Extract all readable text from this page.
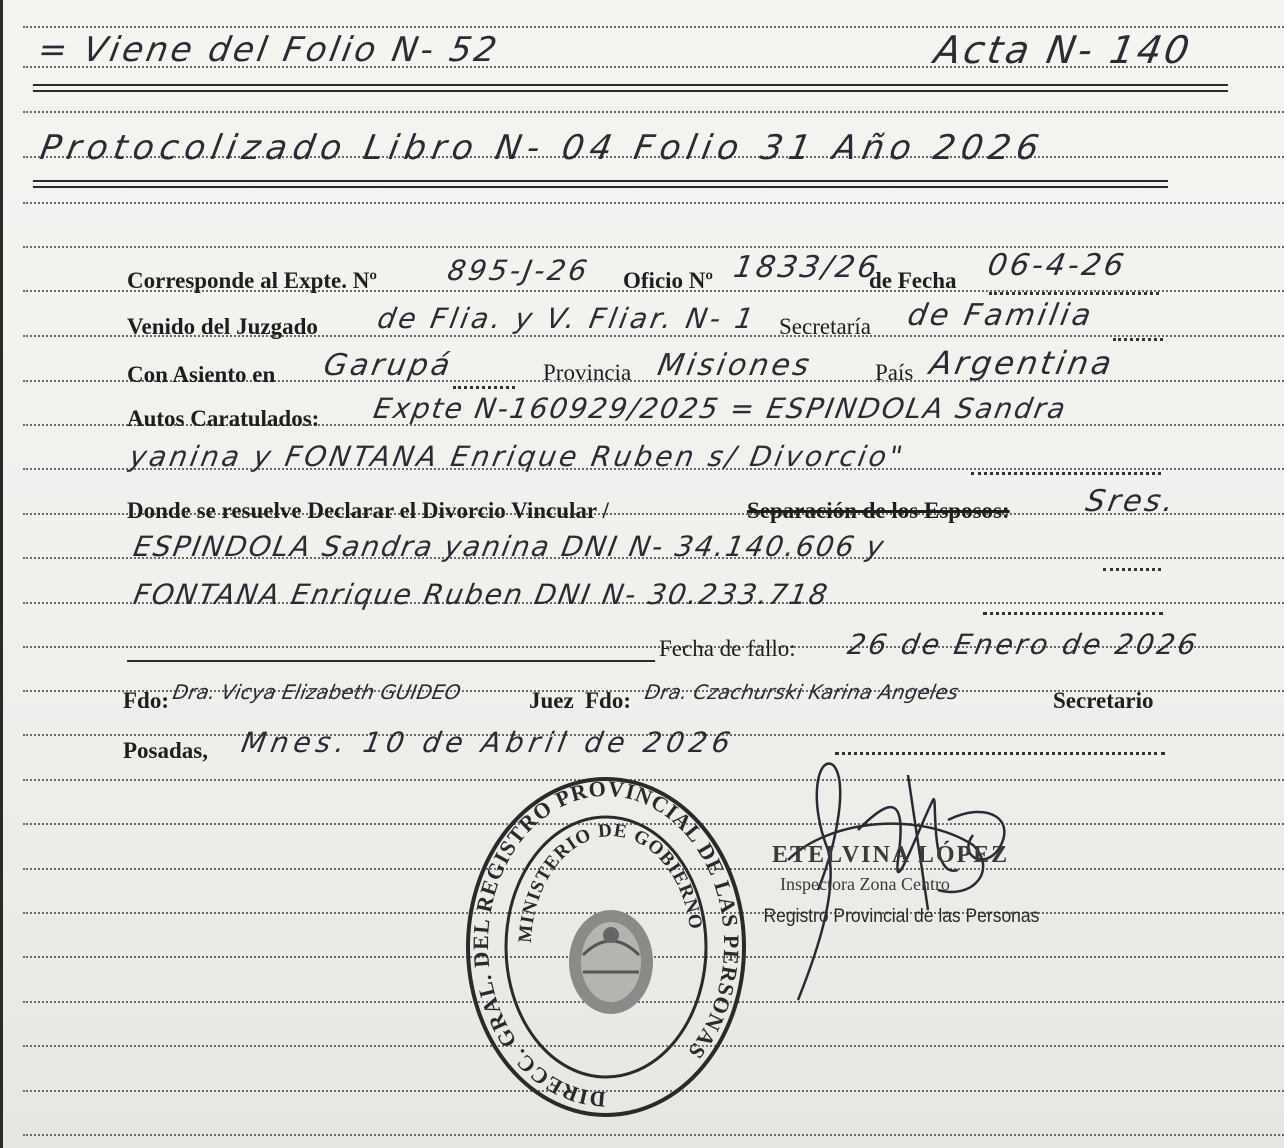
= Viene del Folio N- 52	Acta N- 140
Protocolizado Libro N- 04 Folio 31 Año 2026
Corresponde al Expte. Nº 895-J-26 Oficio Nº 1833/26
de Fecha 06-4-26
Venido del Juzgado de Flia. y V. Fliar. N- 1 Secretaría de Familia
Con Asiento en Garupá	Provincia Misiones	País Argentina
Autos Caratulados: Expte N-160929/2025 = ESPINDOLA Sandra
yanina y FONTANA Enrique Ruben s/ Divorcio"
Donde se resuelve Declarar el Divorcio Vincular /	Separación de los Esposos: Sres.
ESPINDOLA Sandra yanina DNI N- 34.140.606 y
FONTANA Enrique Ruben DNI N- 30.233.718
Fecha de fallo: 26 de Enero de 2026
Fdo: Dra. Vicya Elizabeth GUIDEO	Juez Fdo: Dra. Czachurski Karina Angeles	Secretario
Posadas, Mnes. 10 de Abril de 2026
DIRECC. GRAL. DEL REGISTRO PROVINCIAL DE LAS PERSONAS
MINISTERIO DE GOBIERNO
ETELVINA LÓPEZ
Inspectora Zona Centro
Registro Provincial de las Personas
